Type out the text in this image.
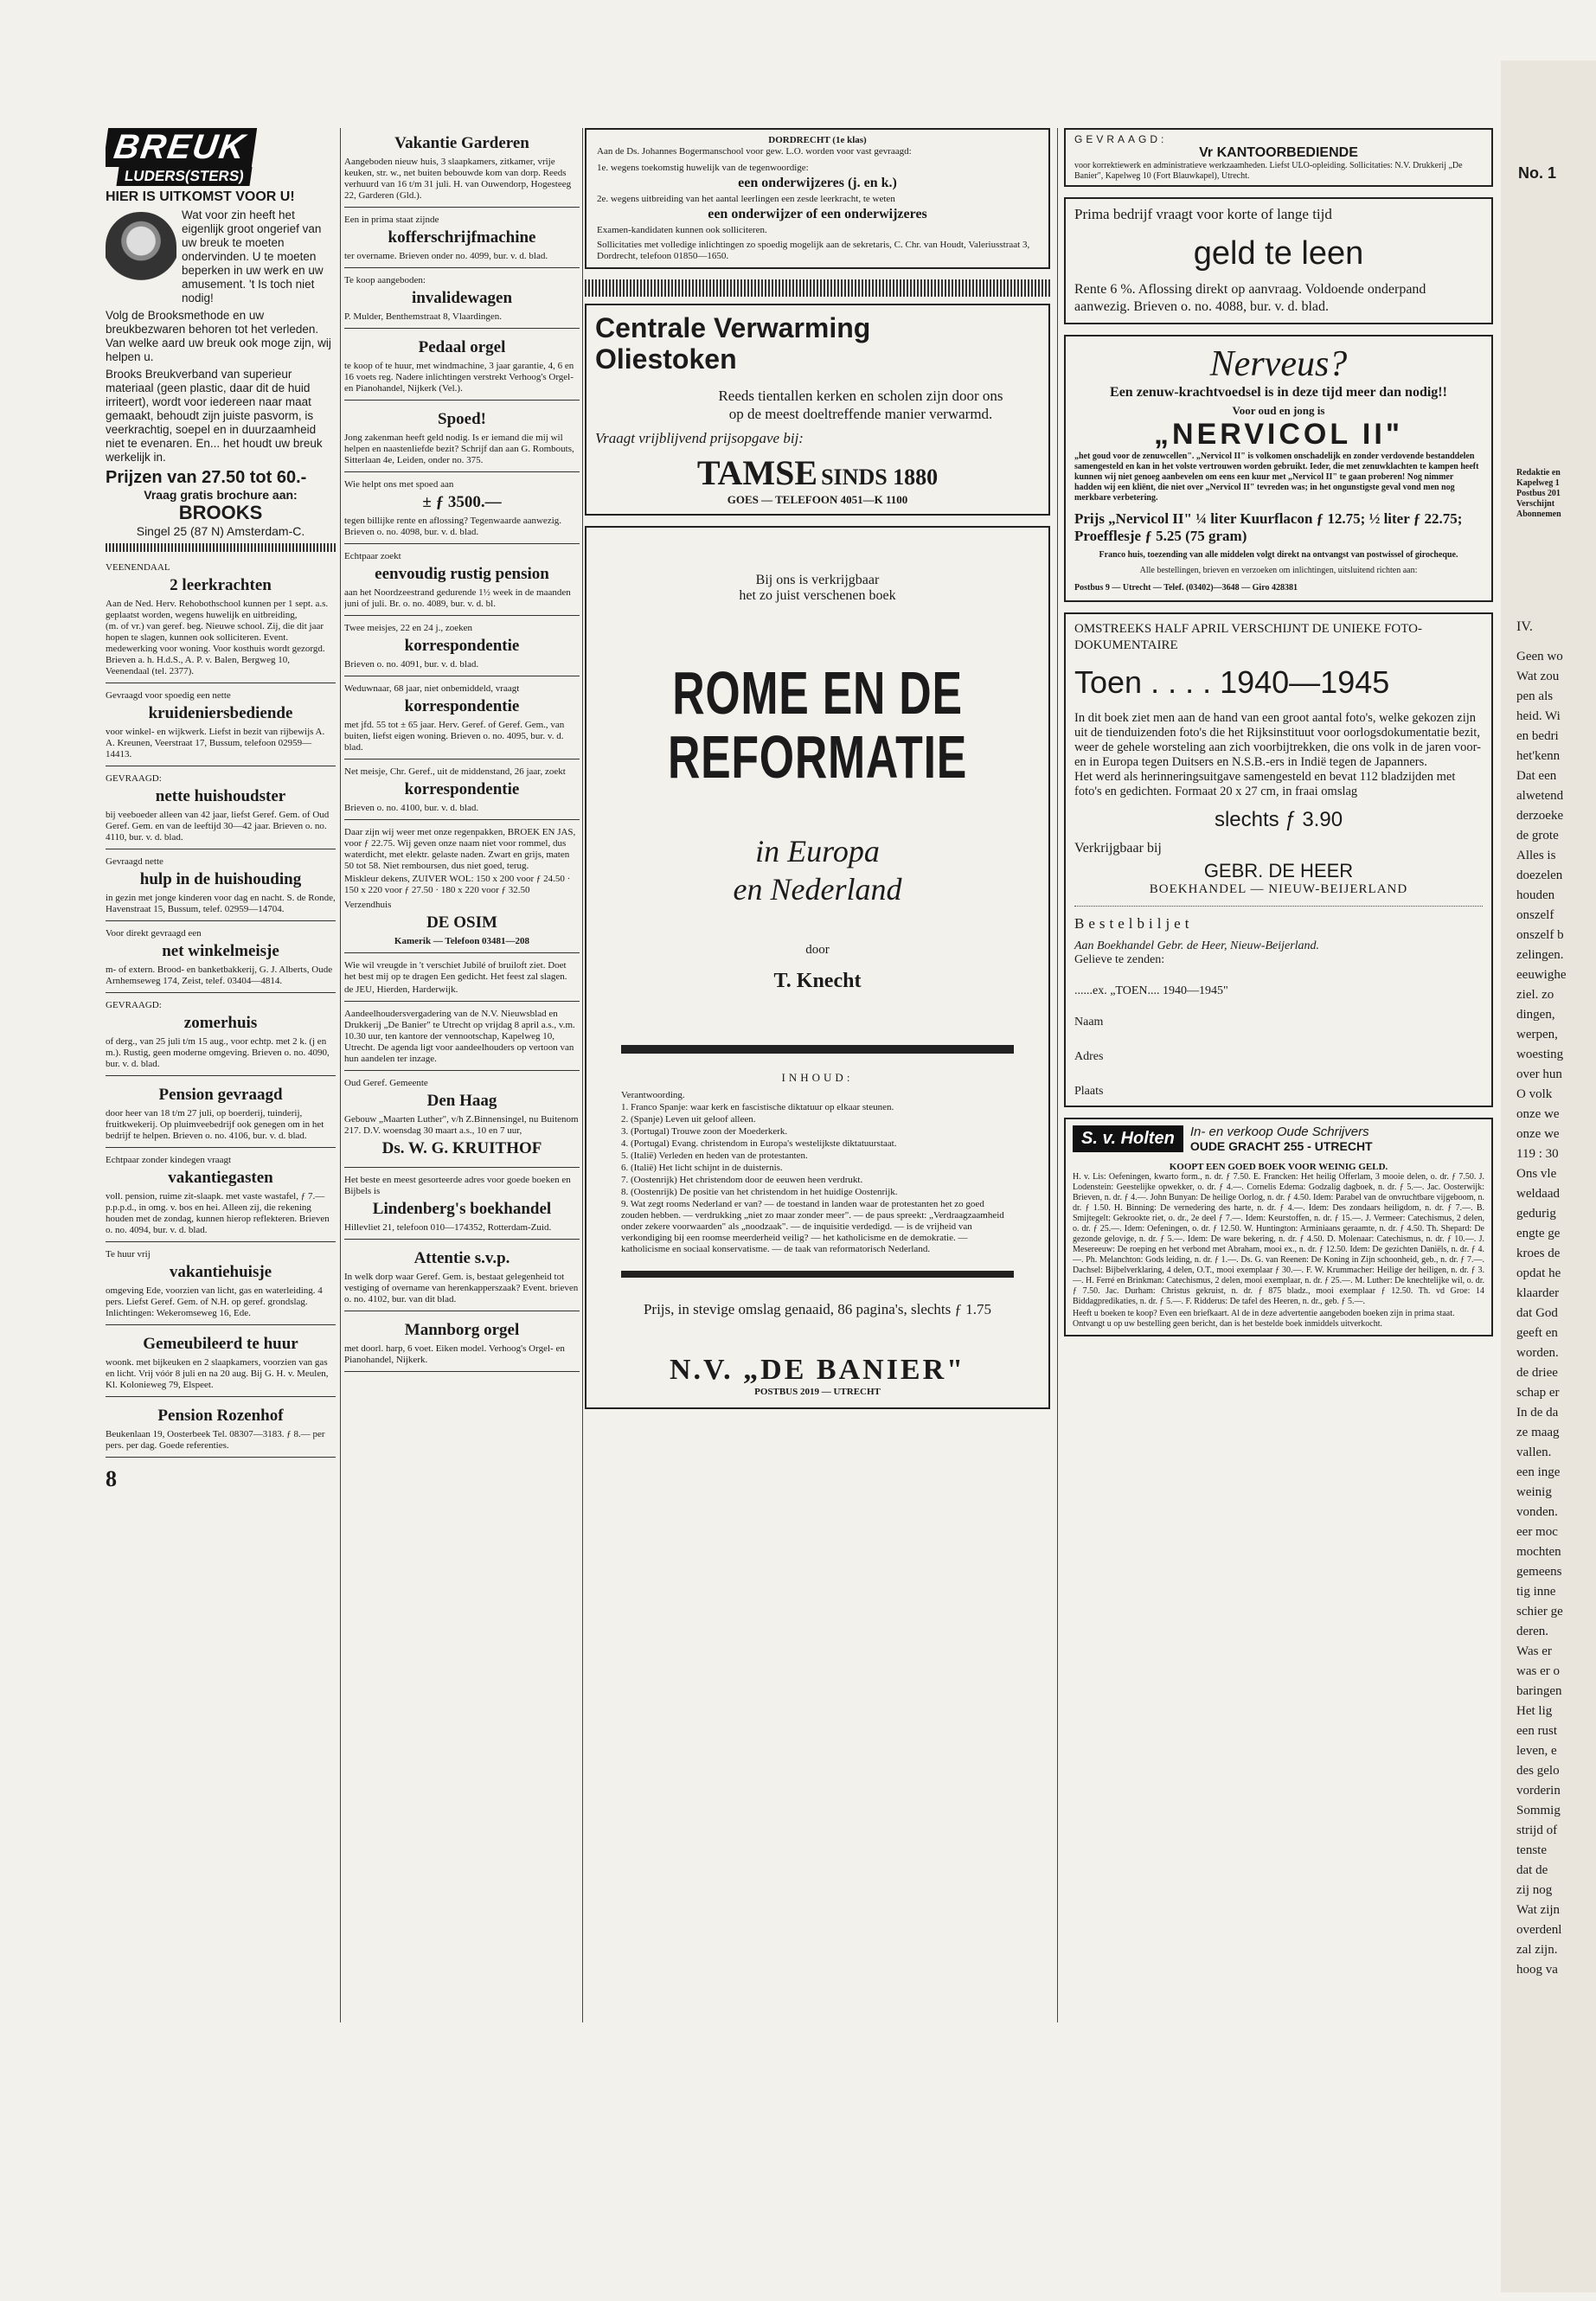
BREUK
LUDERS(STERS)

HIER IS UITKOMST VOOR U!

Wat voor zin heeft het eigenlijk groot ongerief van uw breuk te moeten ondervinden. U te moeten beperken in uw werk en uw amusement. 't Is toch niet nodig!

Volg de Brooksmethode en uw breukbezwaren behoren tot het verleden. Van welke aard uw breuk ook moge zijn, wij helpen u.

Brooks Breukverband van superieur materiaal (geen plastic, daar dit de huid irriteert), wordt voor iedereen naar maat gemaakt, behoudt zijn juiste pasvorm, is veerkrachtig, soepel en in duurzaamheid niet te evenaren. En... het houdt uw breuk werkelijk in.

Prijzen van 27.50 tot 60.-

Vraag gratis brochure aan:

BROOKS

Singel 25 (87 N) Amsterdam-C.

VEENENDAAL

2 leerkrachten

Aan de Ned. Herv. Rehobothschool kunnen per 1 sept. a.s. geplaatst worden, wegens huwelijk en uitbreiding,

(m. of vr.) van geref. beg. Nieuwe school. Zij, die dit jaar hopen te slagen, kunnen ook solliciteren. Event. medewerking voor woning. Voor kosthuis wordt gezorgd. Brieven a. h. H.d.S., A. P. v. Balen, Bergweg 10, Veenendaal (tel. 2377).

Gevraagd voor spoedig een nette

kruideniersbediende

voor winkel- en wijkwerk. Liefst in bezit van rijbewijs A. A. Kreunen, Veerstraat 17, Bussum, telefoon 02959—14413.

GEVRAAGD:

nette huishoudster

bij veeboeder alleen van 42 jaar, liefst Geref. Gem. of Oud Geref. Gem. en van de leeftijd 30—42 jaar. Brieven o. no. 4110, bur. v. d. blad.

Gevraagd nette

hulp in de huishouding

in gezin met jonge kinderen voor dag en nacht. S. de Ronde, Havenstraat 15, Bussum, telef. 02959—14704.

Voor direkt gevraagd een

net winkelmeisje

m- of extern. Brood- en banketbakkerij, G. J. Alberts, Oude Arnhemseweg 174, Zeist, telef. 03404—4814.

GEVRAAGD:

zomerhuis

of derg., van 25 juli t/m 15 aug., voor echtp. met 2 k. (j en m.). Rustig, geen moderne omgeving. Brieven o. no. 4090, bur. v. d. blad.

Pension gevraagd

door heer van 18 t/m 27 juli, op boerderij, tuinderij, fruitkwekerij. Op pluimveebedrijf ook genegen om in het bedrijf te helpen. Brieven o. no. 4106, bur. v. d. blad.

Echtpaar zonder kindegen vraagt

vakantiegasten

voll. pension, ruime zit-slaapk. met vaste wastafel, ƒ 7.— p.p.p.d., in omg. v. bos en hei. Alleen zij, die rekening houden met de zondag, kunnen hierop reflekteren. Brieven o. no. 4094, bur. v. d. blad.

Te huur vrij

vakantiehuisje

omgeving Ede, voorzien van licht, gas en waterleiding. 4 pers. Liefst Geref. Gem. of N.H. op geref. grondslag. Inlichtingen: Wekeromseweg 16, Ede.

Gemeubileerd te huur

woonk. met bijkeuken en 2 slaapkamers, voorzien van gas en licht. Vrij vóór 8 juli en na 20 aug. Bij G. H. v. Meulen, Kl. Kolonieweg 79, Elspeet.

Pension Rozenhof

Beukenlaan 19, Oosterbeek Tel. 08307—3183. ƒ 8.— per pers. per dag. Goede referenties.

8

Vakantie Garderen

Aangeboden nieuw huis, 3 slaapkamers, zitkamer, vrije keuken, str. w., net buiten bebouwde kom van dorp. Reeds verhuurd van 16 t/m 31 juli. H. van Ouwendorp, Hogesteeg 22, Garderen (Gld.).

Een in prima staat zijnde

kofferschrijfmachine

ter overname. Brieven onder no. 4099, bur. v. d. blad.

Te koop aangeboden:

invalidewagen

P. Mulder, Benthemstraat 8, Vlaardingen.

Pedaal orgel

te koop of te huur, met windmachine, 3 jaar garantie, 4, 6 en 16 voets reg. Nadere inlichtingen verstrekt Verhoog's Orgel- en Pianohandel, Nijkerk (Vel.).

Spoed!

Jong zakenman heeft geld nodig. Is er iemand die mij wil helpen en naastenliefde bezit? Schrijf dan aan G. Rombouts, Sitterlaan 4e, Leiden, onder no. 375.

Wie helpt ons met spoed aan

± ƒ 3500.—

tegen billijke rente en aflossing? Tegenwaarde aanwezig. Brieven o. no. 4098, bur. v. d. blad.

Echtpaar zoekt

eenvoudig rustig pension

aan het Noordzeestrand gedurende 1½ week in de maanden juni of juli. Br. o. no. 4089, bur. v. d. bl.

Twee meisjes, 22 en 24 j., zoeken

korrespondentie

Brieven o. no. 4091, bur. v. d. blad.

Weduwnaar, 68 jaar, niet onbemiddeld, vraagt

korrespondentie

met jfd. 55 tot ± 65 jaar. Herv. Geref. of Geref. Gem., van buiten, liefst eigen woning. Brieven o. no. 4095, bur. v. d. blad.

Net meisje, Chr. Geref., uit de middenstand, 26 jaar, zoekt

korrespondentie

Brieven o. no. 4100, bur. v. d. blad.

Daar zijn wij weer met onze regenpakken, BROEK EN JAS, voor ƒ 22.75. Wij geven onze naam niet voor rommel, dus waterdicht, met elektr. gelaste naden. Zwart en grijs, maten 50 tot 58. Niet remboursen, dus niet goed, terug.

Miskleur dekens, ZUIVER WOL: 150 x 200 voor ƒ 24.50 · 150 x 220 voor ƒ 27.50 · 180 x 220 voor ƒ 32.50

Verzendhuis

DE OSIM

Kamerik — Telefoon 03481—208

Wie wil vreugde in 't verschiet Jubilé of bruiloft ziet. Doet het best mij op te dragen Een gedicht. Het feest zal slagen.

de JEU, Hierden, Harderwijk.

Aandeelhoudersvergadering van de N.V. Nieuwsblad en Drukkerij „De Banier" te Utrecht op vrijdag 8 april a.s., v.m. 10.30 uur, ten kantore der vennootschap, Kapelweg 10, Utrecht. De agenda ligt voor aandeelhouders op vertoon van hun aandelen ter inzage.

Oud Geref. Gemeente

Den Haag

Gebouw „Maarten Luther", v/h Z.Binnensingel, nu Buitenom 217. D.V. woensdag 30 maart a.s., 10 en 7 uur,

Ds. W. G. KRUITHOF

Het beste en meest gesorteerde adres voor goede boeken en Bijbels is

Lindenberg's boekhandel

Hillevliet 21, telefoon 010—174352, Rotterdam-Zuid.

Attentie s.v.p.

In welk dorp waar Geref. Gem. is, bestaat gelegenheid tot vestiging of overname van herenkapperszaak? Event. brieven o. no. 4102, bur. van dit blad.

Mannborg orgel

met doorl. harp, 6 voet. Eiken model. Verhoog's Orgel- en Pianohandel, Nijkerk.

DORDRECHT (1e klas)

Aan de Ds. Johannes Bogermanschool voor gew. L.O. worden voor vast gevraagd:

1e. wegens toekomstig huwelijk van de tegenwoordige:

een onderwijzeres (j. en k.)

2e. wegens uitbreiding van het aantal leerlingen een zesde leerkracht, te weten

een onderwijzer of een onderwijzeres

Examen-kandidaten kunnen ook solliciteren.

Sollicitaties met volledige inlichtingen zo spoedig mogelijk aan de sekretaris, C. Chr. van Houdt, Valeriusstraat 3, Dordrecht, telefoon 01850—1650.

Centrale Verwarming Oliestoken

Reeds tientallen kerken en scholen zijn door ons op de meest doeltreffende manier verwarmd.

Vraagt vrijblijvend prijsopgave bij:

TAMSE SINDS 1880

GOES — TELEFOON 4051—K 1100

Bij ons is verkrijgbaar

het zo juist verschenen boek

ROME EN DE

REFORMATIE

in Europa

en Nederland

door

T. Knecht

INHOUD:

Verantwoording.

1. Franco Spanje: waar kerk en fascistische diktatuur op elkaar steunen.

2. (Spanje) Leven uit geloof alleen.

3. (Portugal) Trouwe zoon der Moederkerk.

4. (Portugal) Evang. christendom in Europa's westelijkste diktatuurstaat.

5. (Italië) Verleden en heden van de protestanten.

6. (Italië) Het licht schijnt in de duisternis.

7. (Oostenrijk) Het christendom door de eeuwen heen verdrukt.

8. (Oostenrijk) De positie van het christendom in het huidige Oostenrijk.

9. Wat zegt rooms Nederland er van? — de toestand in landen waar de protestanten het zo goed zouden hebben. — verdrukking „niet zo maar zonder meer". — de paus spreekt: „Verdraagzaamheid onder zekere voorwaarden" als „noodzaak". — de inquisitie verdedigd. — is de vrijheid van verkondiging bij een roomse meerderheid veilig? — het katholicisme en de demokratie. — katholicisme en sociaal konservatisme. — de taak van reformatorisch Nederland.

Prijs, in stevige omslag genaaid, 86 pagina's, slechts ƒ 1.75

N.V. „DE BANIER"

POSTBUS 2019 — UTRECHT

GEVRAAGD:

Vr KANTOORBEDIENDE

voor korrektiewerk en administratieve werkzaamheden. Liefst ULO-opleiding. Sollicitaties: N.V. Drukkerij „De Banier", Kapelweg 10 (Fort Blauwkapel), Utrecht.

Prima bedrijf vraagt voor korte of lange tijd

geld te leen

Rente 6 %. Aflossing direkt op aanvraag. Voldoende onderpand aanwezig. Brieven o. no. 4088, bur. v. d. blad.

Nerveus?

Een zenuw-krachtvoedsel is in deze tijd meer dan nodig!!

Voor oud en jong is

„NERVICOL II"

„het goud voor de zenuwcellen". „Nervicol II" is volkomen onschadelijk en zonder verdovende bestanddelen samengesteld en kan in het volste vertrouwen worden gebruikt. Ieder, die met zenuwklachten te kampen heeft kunnen wij niet genoeg aanbevelen om eens een kuur met „Nervicol II" te gaan proberen! Nog nimmer hadden wij een kliënt, die niet over „Nervicol II" tevreden was; in het ongunstigste geval vond men nog merkbare verbetering.

Prijs „Nervicol II" ¼ liter Kuurflacon ƒ 12.75; ½ liter ƒ 22.75; Proefflesje ƒ 5.25 (75 gram)

Franco huis, toezending van alle middelen volgt direkt na ontvangst van postwissel of girocheque.

Alle bestellingen, brieven en verzoeken om inlichtingen, uitsluitend richten aan:

Postbus 9 — Utrecht — Telef. (03402)—3648 — Giro 428381

OMSTREEKS HALF APRIL VERSCHIJNT DE UNIEKE FOTO-DOKUMENTAIRE

Toen . . . . 1940—1945

In dit boek ziet men aan de hand van een groot aantal foto's, welke gekozen zijn uit de tienduizenden foto's die het Rijksinstituut voor oorlogsdokumentatie bezit, weer de gehele worsteling aan zich voorbijtrekken, die ons volk in de jaren voor- en in Europa tegen Duitsers en N.S.B.-ers in Indië tegen de Japanners.

Het werd als herinneringsuitgave samengesteld en bevat 112 bladzijden met foto's en gedichten. Formaat 20 x 27 cm, in fraai omslag

slechts ƒ 3.90

Verkrijgbaar bij

GEBR. DE HEER

BOEKHANDEL — NIEUW-BEIJERLAND

Bestelbiljet

Aan Boekhandel Gebr. de Heer, Nieuw-Beijerland.

Gelieve te zenden:

......ex. „TOEN.... 1940—1945"

Naam

Adres

Plaats

S. v. Holten	In- en verkoop Oude Schrijvers

OUDE GRACHT 255 - UTRECHT

KOOPT EEN GOED BOEK VOOR WEINIG GELD.

H. v. Lis: Oefeningen, kwarto form., n. dr. ƒ 7.50. E. Francken: Het heilig Offerlam, 3 mooie delen, o. dr. ƒ 7.50. J. Lodenstein: Geestelijke opwekker, o. dr. ƒ 4.—. Cornelis Edema: Godzalig dagboek, n. dr. ƒ 5.—. Jac. Oosterwijk: Brieven, n. dr. ƒ 4.—. John Bunyan: De heilige Oorlog, n. dr. ƒ 4.50. Idem: Parabel van de onvruchtbare vijgeboom, n. dr. ƒ 1.50. H. Binning: De vernedering des harte, n. dr. ƒ 4.—. Idem: Des zondaars heiligdom, n. dr. ƒ 7.—. B. Smijtegelt: Gekrookte riet, o. dr., 2e deel ƒ 7.—. Idem: Keurstoffen, n. dr. ƒ 15.—. J. Vermeer: Catechismus, 2 delen, o. dr. ƒ 25.—. Idem: Oefeningen, o. dr. ƒ 12.50. W. Huntington: Arminiaans geraamte, n. dr. ƒ 4.50. Th. Shepard: De gezonde gelovige, n. dr. ƒ 5.—. Idem: De ware bekering, n. dr. ƒ 4.50. D. Molenaar: Catechismus, n. dr. ƒ 10.—. J. Mesereeuw: De roeping en het verbond met Abraham, mooi ex., n. dr. ƒ 12.50. Idem: De gezichten Daniëls, n. dr. ƒ 4.—. Ph. Melanchton: Gods leiding, n. dr. ƒ 1.—. Ds. G. van Reenen: De Koning in Zijn schoonheid, geb., n. dr. ƒ 7.—. Dachsel: Bijbelverklaring, 4 delen, O.T., mooi exemplaar ƒ 30.—. F. W. Krummacher: Heilige der heiligen, n. dr. ƒ 3.—. H. Ferré en Brinkman: Catechismus, 2 delen, mooi exemplaar, n. dr. ƒ 25.—. M. Luther: De knechtelijke wil, o. dr. ƒ 7.50. Jac. Durham: Christus gekruist, n. dr. ƒ 875 bladz., mooi exemplaar ƒ 12.50. Th. vd Groe: 14 Biddagpredikaties, n. dr. ƒ 5.—. F. Ridderus: De tafel des Heeren, n. dr., geb. ƒ 5.—.

Heeft u boeken te koop? Even een briefkaart. Al de in deze advertentie aangeboden boeken zijn in prima staat. Ontvangt u op uw bestelling geen bericht, dan is het bestelde boek inmiddels uitverkocht.

No. 1

Redaktie en

Kapelweg 1

Postbus 201

Verschijnt

Abonnemen

IV.

Geen wo

Wat zou

pen als

heid. Wi

en bedri

het'kenn

Dat een

alwetend

derzoeke

de grote

Alles is

doezelen

houden

onszelf

onszelf b

zelingen.

eeuwighe

ziel. zo

dingen,

werpen,

woesting

over hun

O volk

onze we

onze we

119 : 30

Ons vle

weldaad

gedurig

engte ge

kroes de

opdat he

klaarder

dat God

geeft en

worden.

de driee

schap er

In de da

ze maag

vallen.

een inge

weinig

vonden.

eer moc

mochten

gemeens

tig inne

schier ge

deren.

Was er

was er o

baringen

Het lig

een rust

leven, e

des gelo

vorderin

Sommig

strijd of

tenste

dat de

zij nog

Wat zijn

overdenl

zal zijn.

hoog va
